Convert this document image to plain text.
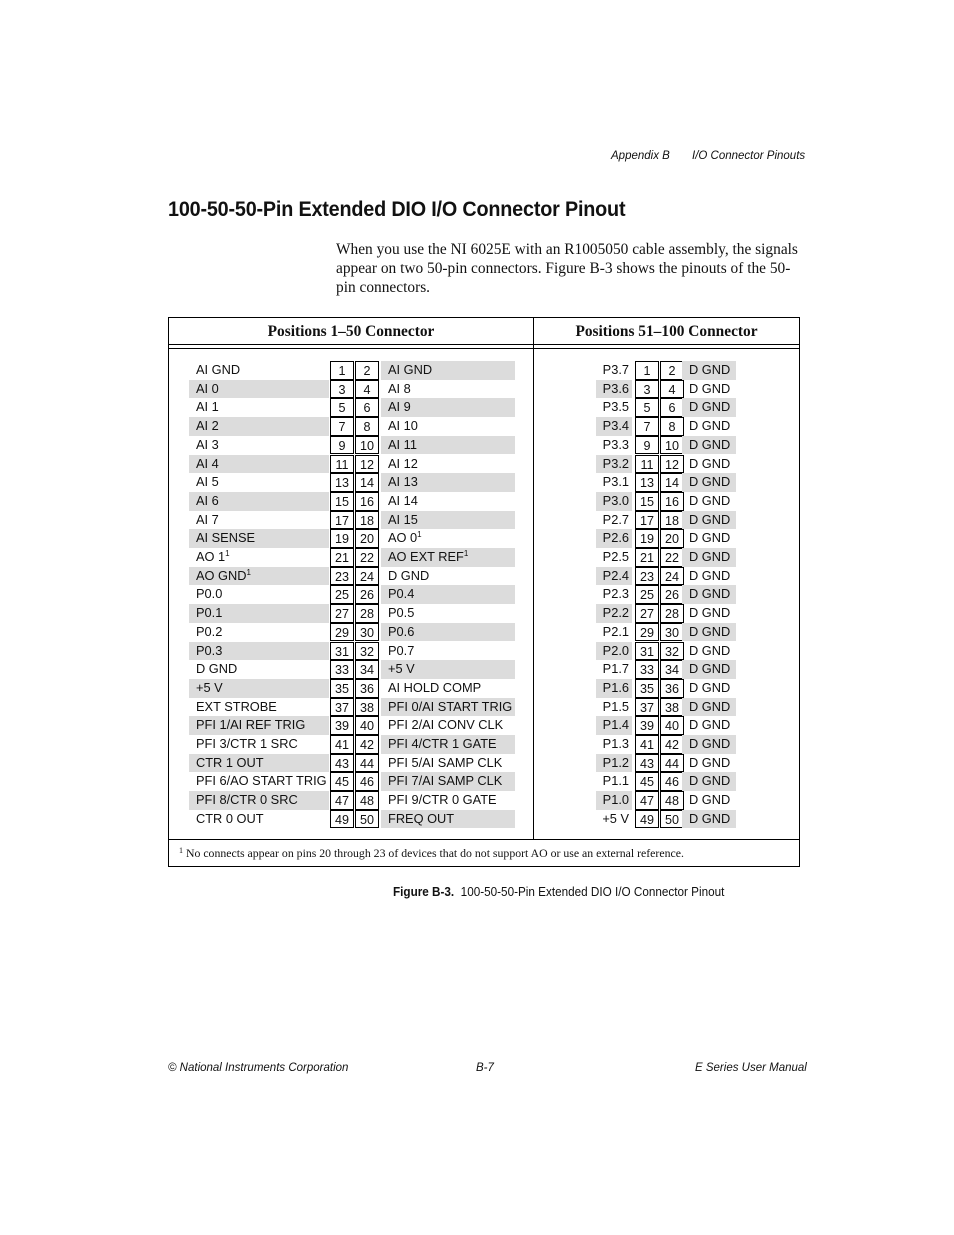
Appendix B I/O Connector Pinouts
100-50-50-Pin Extended DIO I/O Connector Pinout
When you use the NI 6025E with an R1005050 cable assembly, the signals appear on two 50-pin connectors. Figure B-3 shows the pinouts of the 50-pin connectors.
Positions 1–50 Connector	Positions 51–100 Connector
AI GND	1	2	AI GND
AI 0	3	4	AI 8
AI 1	5	6	AI 9
AI 2	7	8	AI 10
AI 3	9	10	AI 11
AI 4	11 12	AI 12
AI 5	13 14	AI 13
AI 6	15 16	AI 14
AI 7	17 18	AI 15
AI SENSE	19 20	AO $0^1$
AO $1^1$	21 22	AO EXT REF$^1$
AO GND$^1$	23 24	D GND
P0.0	25 26	P0.4
P0.1	27 28	P0.5
P0.2	29 30	P0.6
P0.3	31 32	P0.7
D GND	33 34	+5 V
+5 V	35 36	AI HOLD COMP
EXT STROBE	37 38	PFI 0/AI START TRIG
PFI 1/AI REF TRIG	39 40	PFI 2/AI CONV CLK
PFI 3/CTR 1 SRC	41 42	PFI 4/CTR 1 GATE
CTR 1 OUT	43 44	PFI 5/AI SAMP CLK
PFI 6/AO START TRIG 45 46	PFI 7/AI SAMP CLK
PFI 8/CTR 0 SRC	47 48	PFI 9/CTR 0 GATE
CTR 0 OUT	49 50	FREQ OUT
P3.7	1	2	D GND
P3.6	3	4	D GND
P3.5	5	6	D GND
P3.4	7	8	D GND
P3.3	9	10 D GND
P3.2 11 12 D GND
P3.1 13 14 D GND
P3.0 15 16 D GND
P2.7 17 18 D GND
P2.6 19 20 D GND
P2.5 21 22 D GND
P2.4 23 24 D GND
P2.3 25 26 D GND
P2.2 27 28 D GND
P2.1 29 30 D GND
P2.0 31 32 D GND
P1.7 33 34 D GND
P1.6 35 36 D GND
P1.5 37 38 D GND
P1.4 39 40 D GND
P1.3 41 42 D GND
P1.2 43 44 D GND
P1.1 45 46 D GND
P1.0 47 48 D GND
+5 V 49 50 D GND
$^1$ No connects appear on pins 20 through 23 of devices that do not support AO or use an external reference.
Figure B-3. 100-50-50-Pin Extended DIO I/O Connector Pinout
© National Instruments Corporation	B-7	E Series User Manual
